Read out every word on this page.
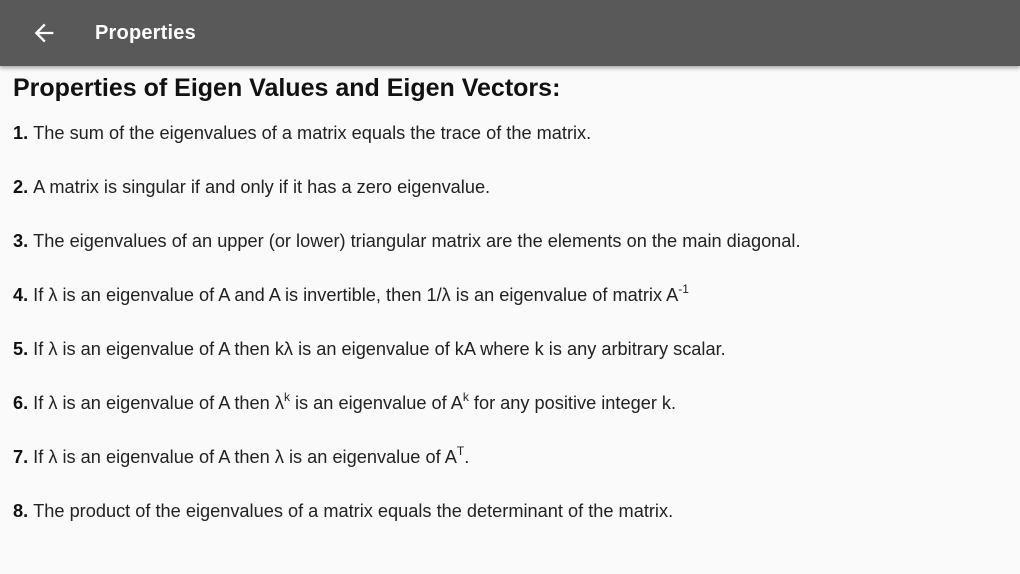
Properties
Properties of Eigen Values and Eigen Vectors:
1. The sum of the eigenvalues of a matrix equals the trace of the matrix.
2. A matrix is singular if and only if it has a zero eigenvalue.
3. The eigenvalues of an upper (or lower) triangular matrix are the elements on the main diagonal.
4. If λ is an eigenvalue of A and A is invertible, then 1/λ is an eigenvalue of matrix $A^{-1}$
5. If λ is an eigenvalue of A then kλ is an eigenvalue of kA where k is any arbitrary scalar.
6. If λ is an eigenvalue of A then $\lambda^k$ is an eigenvalue of $A^k$ for any positive integer k.
7. If λ is an eigenvalue of A then λ is an eigenvalue of $A^T$.
8. The product of the eigenvalues of a matrix equals the determinant of the matrix.
